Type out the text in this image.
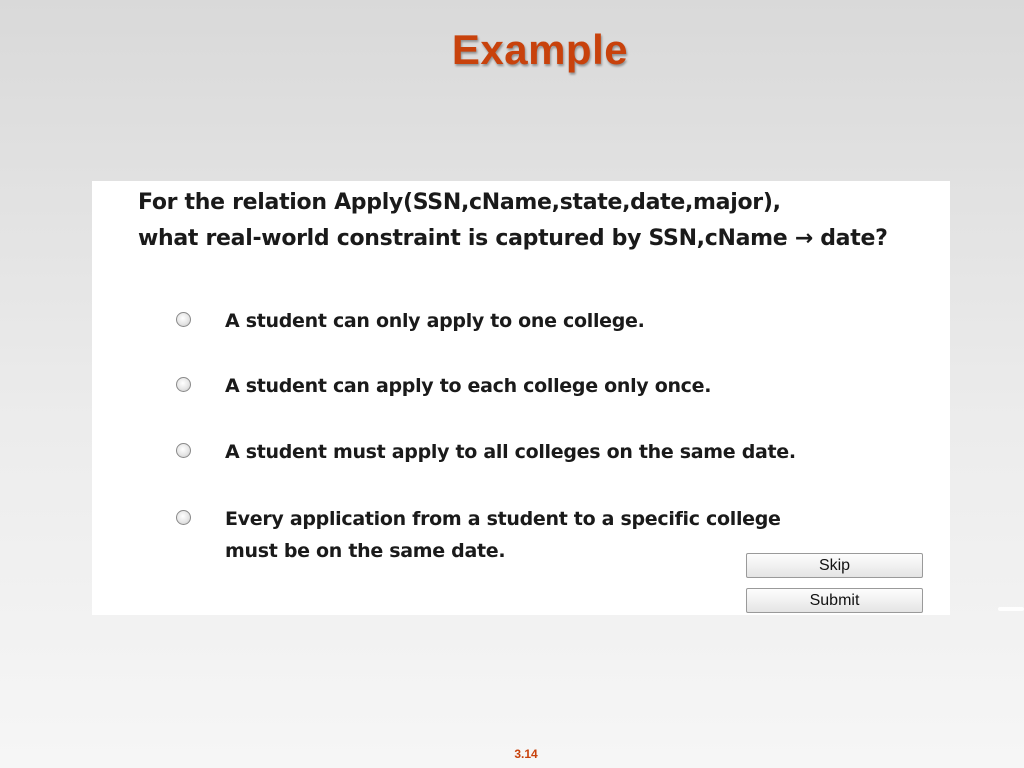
Example
For the relation Apply(SSN,cName,state,date,major),
what real-world constraint is captured by SSN,cName → date?
A student can only apply to one college.
A student can apply to each college only once.
A student must apply to all colleges on the same date.
Every application from a student to a specific college
must be on the same date.
Skip
Submit
3.14
